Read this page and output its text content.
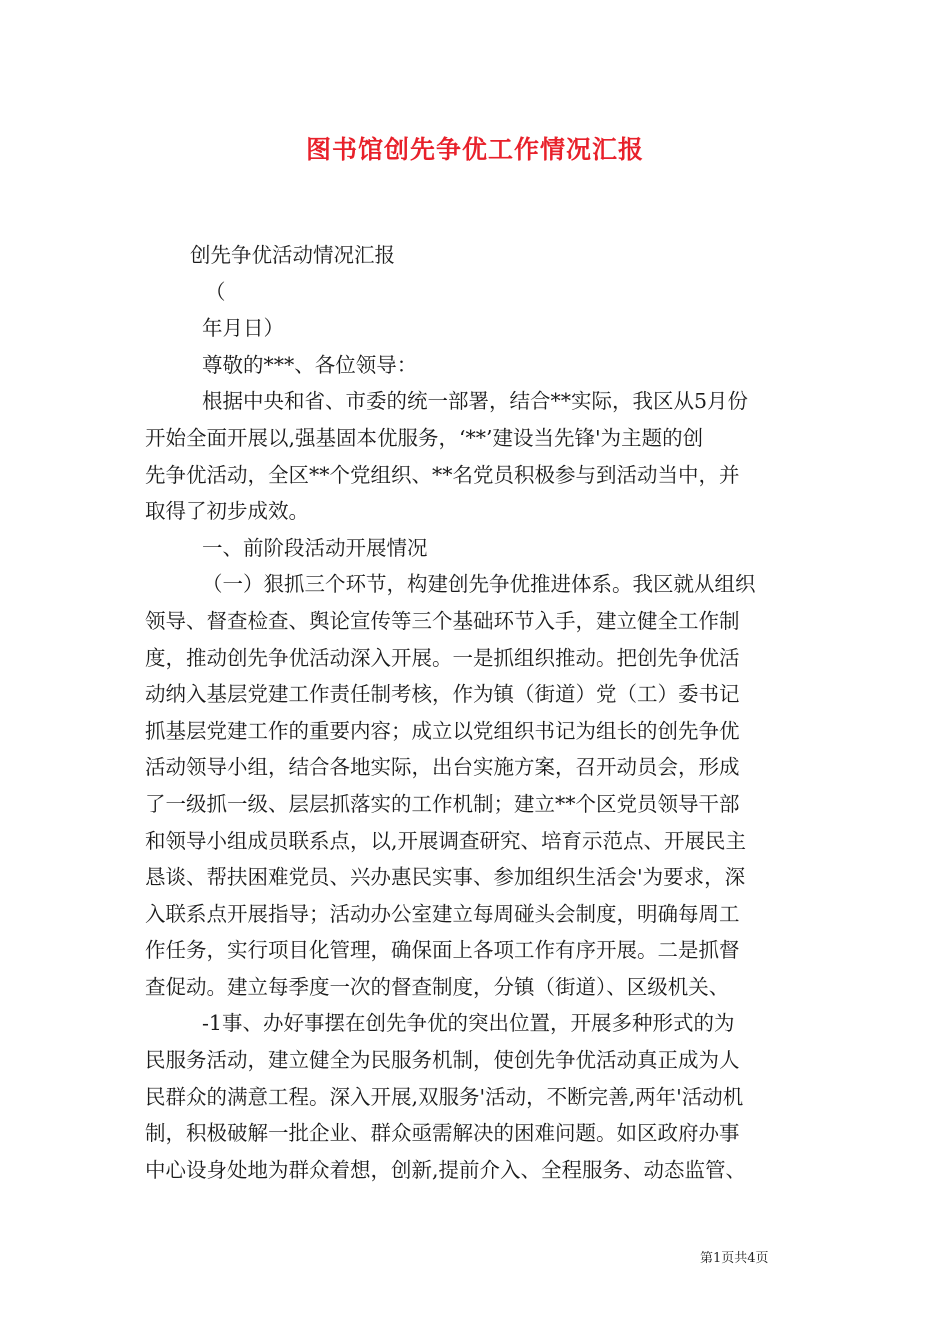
图书馆创先争优工作情况汇报
创先争优活动情况汇报
（
年月日）
尊敬的***、各位领导：
根据中央和省、市委的统一部署，结合**实际，我区从5月份
开始全面开展以,强基固本优服务，‘**’建设当先锋'为主题的创
先争优活动，全区**个党组织、**名党员积极参与到活动当中，并
取得了初步成效。
一、前阶段活动开展情况
（一）狠抓三个环节，构建创先争优推进体系。我区就从组织
领导、督查检查、舆论宣传等三个基础环节入手，建立健全工作制
度，推动创先争优活动深入开展。一是抓组织推动。把创先争优活
动纳入基层党建工作责任制考核，作为镇（街道）党（工）委书记
抓基层党建工作的重要内容；成立以党组织书记为组长的创先争优
活动领导小组，结合各地实际，出台实施方案，召开动员会，形成
了一级抓一级、层层抓落实的工作机制；建立**个区党员领导干部
和领导小组成员联系点，以,开展调查研究、培育示范点、开展民主
恳谈、帮扶困难党员、兴办惠民实事、参加组织生活会'为要求，深
入联系点开展指导；活动办公室建立每周碰头会制度，明确每周工
作任务，实行项目化管理，确保面上各项工作有序开展。二是抓督
查促动。建立每季度一次的督查制度，分镇（街道）、区级机关、
-1事、办好事摆在创先争优的突出位置，开展多种形式的为
民服务活动，建立健全为民服务机制，使创先争优活动真正成为人
民群众的满意工程。深入开展,双服务'活动，不断完善,两年'活动机
制，积极破解一批企业、群众亟需解决的困难问题。如区政府办事
中心设身处地为群众着想，创新,提前介入、全程服务、动态监管、
第1页共4页
